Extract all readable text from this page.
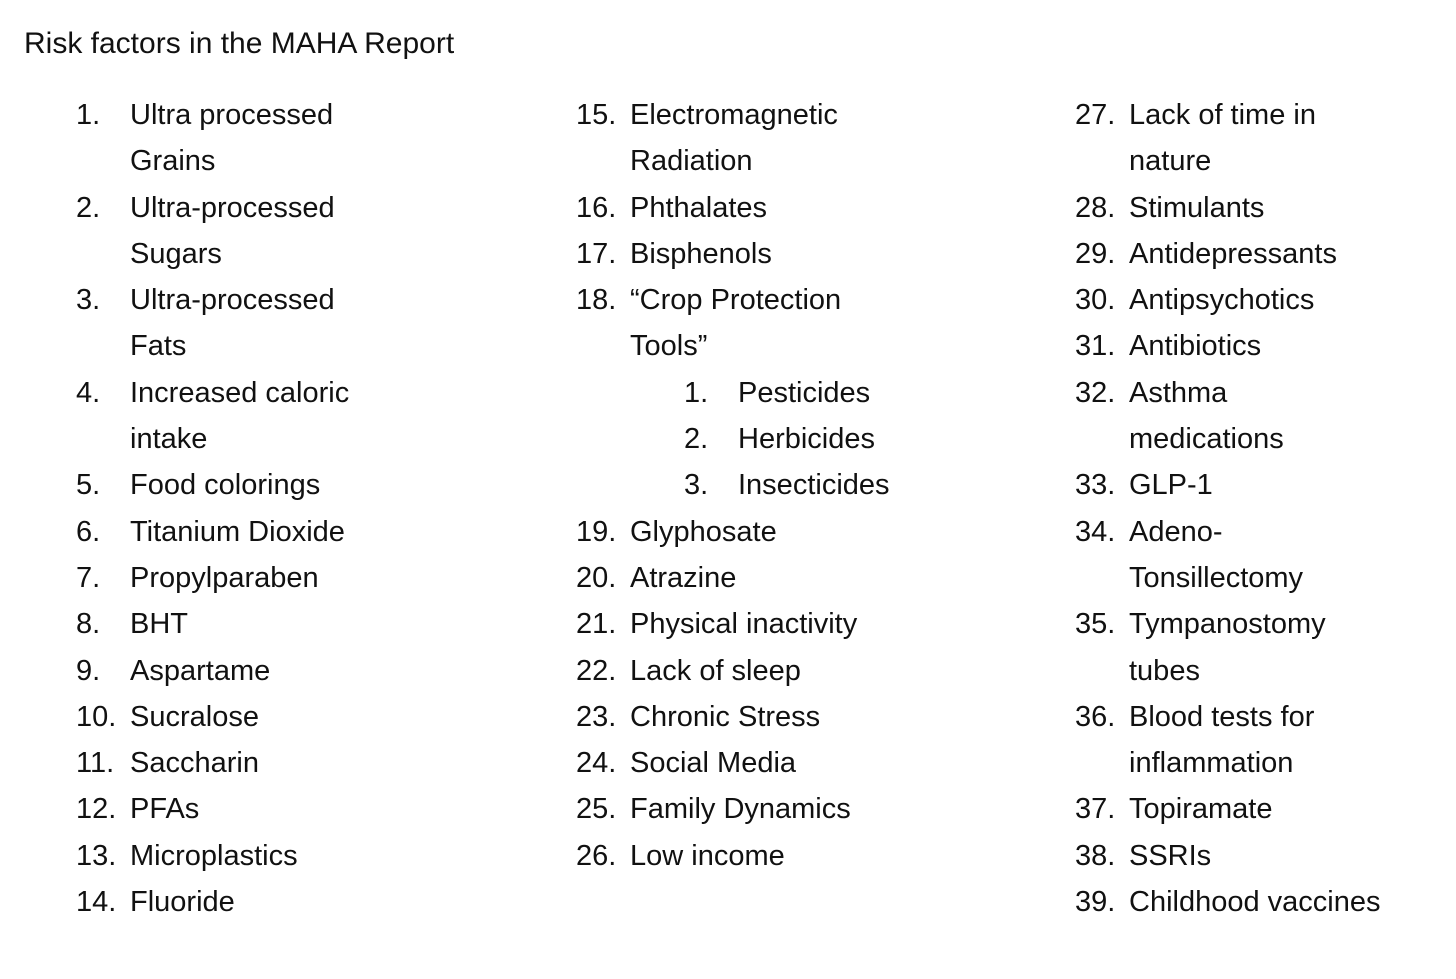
Risk factors in the MAHA Report
1.	Ultra processed
Grains
2.	Ultra-processed
Sugars
3.	Ultra-processed
Fats
4.	Increased caloric
intake
5.	Food colorings
6.	Titanium Dioxide
7.	Propylparaben
8.	BHT
9.	Aspartame
10. Sucralose
11. Saccharin
12. PFAs
13. Microplastics
14. Fluoride
15. Electromagnetic
Radiation
16. Phthalates
17. Bisphenols
18. “Crop Protection
Tools”
1.	Pesticides
2.	Herbicides
3.	Insecticides
19. Glyphosate
20. Atrazine
21. Physical inactivity
22. Lack of sleep
23. Chronic Stress
24. Social Media
25. Family Dynamics
26. Low income
27. Lack of time in
nature
28. Stimulants
29. Antidepressants
30. Antipsychotics
31. Antibiotics
32. Asthma
medications
33. GLP-1
34. Adeno-
Tonsillectomy
35. Tympanostomy
tubes
36. Blood tests for
inflammation
37. Topiramate
38. SSRIs
39. Childhood vaccines
